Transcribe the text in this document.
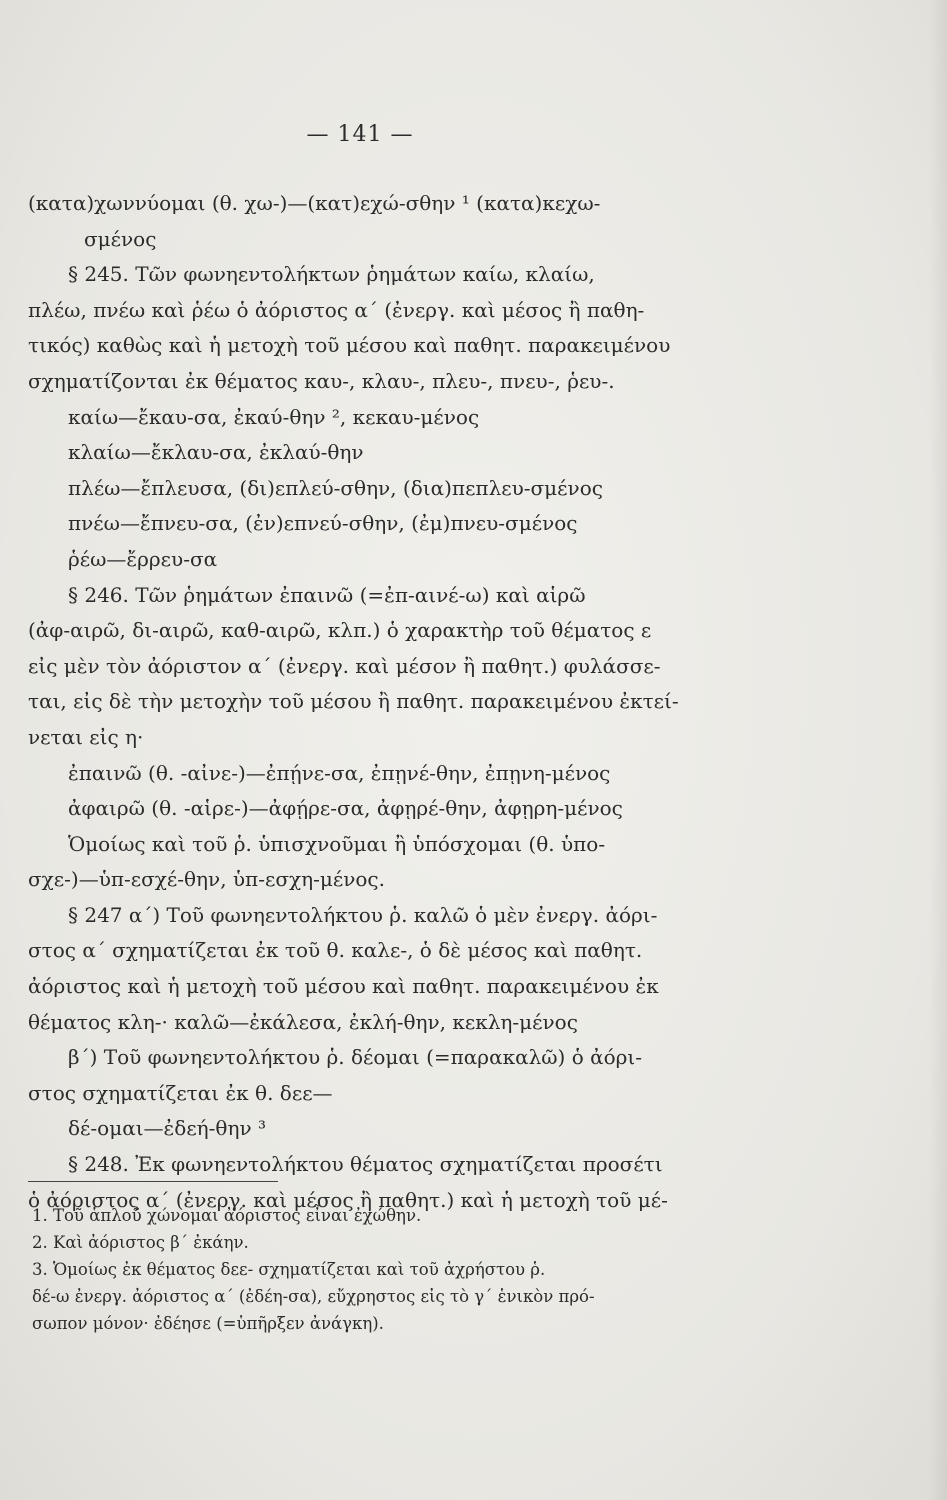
— 141 —

(κατα)χωννύομαι (θ. χω-)—(κατ)εχώ-σθην ¹ (κατα)κεχω-

σμένος

§ 245. Τῶν φωνηεντολήκτων ῥημάτων καίω, κλαίω,

πλέω, πνέω καὶ ῥέω ὁ ἀόριστος α΄ (ἐνεργ. καὶ μέσος ἢ παθη-

τικός) καθὼς καὶ ἡ μετοχὴ τοῦ μέσου καὶ παθητ. παρακειμένου

σχηματίζονται ἐκ θέματος καυ-, κλαυ-, πλευ-, πνευ-, ῥευ-.

καίω—ἔκαυ-σα, ἐκαύ-θην ², κεκαυ-μένος

κλαίω—ἔκλαυ-σα, ἐκλαύ-θην

πλέω—ἔπλευσα, (δι)επλεύ-σθην, (δια)πεπλευ-σμένος

πνέω—ἔπνευ-σα, (ἐν)επνεύ-σθην, (ἐμ)πνευ-σμένος

ῥέω—ἔρρευ-σα

§ 246. Τῶν ῥημάτων ἐπαινῶ (=ἐπ-αινέ-ω) καὶ αἱρῶ

(ἀφ-αιρῶ, δι-αιρῶ, καθ-αιρῶ, κλπ.) ὁ χαρακτὴρ τοῦ θέματος ε

εἰς μὲν τὸν ἀόριστον α΄ (ἐνεργ. καὶ μέσον ἢ παθητ.) φυλάσσε-

ται, εἰς δὲ τὴν μετοχὴν τοῦ μέσου ἢ παθητ. παρακειμένου ἐκτεί-

νεται εἰς η·

ἐπαινῶ (θ. -αἰνε-)—ἐπῄνε-σα, ἐπῃνέ-θην, ἐπῃνη-μένος

ἀφαιρῶ (θ. -αἱρε-)—ἀφῄρε-σα, ἀφῃρέ-θην, ἀφῃρη-μένος

Ὁμοίως καὶ τοῦ ῥ. ὑπισχνοῦμαι ἢ ὑπόσχομαι (θ. ὑπο-

σχε-)—ὑπ-εσχέ-θην, ὑπ-εσχη-μένος.

§ 247 α΄) Τοῦ φωνηεντολήκτου ῥ. καλῶ ὁ μὲν ἐνεργ. ἀόρι-

στος α΄ σχηματίζεται ἐκ τοῦ θ. καλε-, ὁ δὲ μέσος καὶ παθητ.

ἀόριστος καὶ ἡ μετοχὴ τοῦ μέσου καὶ παθητ. παρακειμένου ἐκ

θέματος κλη-· καλῶ—ἐκάλεσα, ἐκλή-θην, κεκλη-μένος

β΄) Τοῦ φωνηεντολήκτου ῥ. δέομαι (=παρακαλῶ) ὁ ἀόρι-

στος σχηματίζεται ἐκ θ. δεε—

δέ-ομαι—ἐδεή-θην ³

§ 248. Ἐκ φωνηεντολήκτου θέματος σχηματίζεται προσέτι

ὁ ἀόριστος α΄ (ἐνεργ. καὶ μέσος ἢ παθητ.) καὶ ἡ μετοχὴ τοῦ μέ-

1. Τοῦ ἁπλοῦ χώνομαι ἀόριστος εἶναι ἐχώθην.

2. Καὶ ἀόριστος β΄ ἐκάην.

3. Ὁμοίως ἐκ θέματος δεε- σχηματίζεται καὶ τοῦ ἀχρήστου ῥ.

δέ-ω ἐνεργ. ἀόριστος α΄ (ἐδέη-σα), εὔχρηστος εἰς τὸ γ΄ ἑνικὸν πρό-

σωπον μόνον· ἐδέησε (=ὑπῆρξεν ἀνάγκη).
